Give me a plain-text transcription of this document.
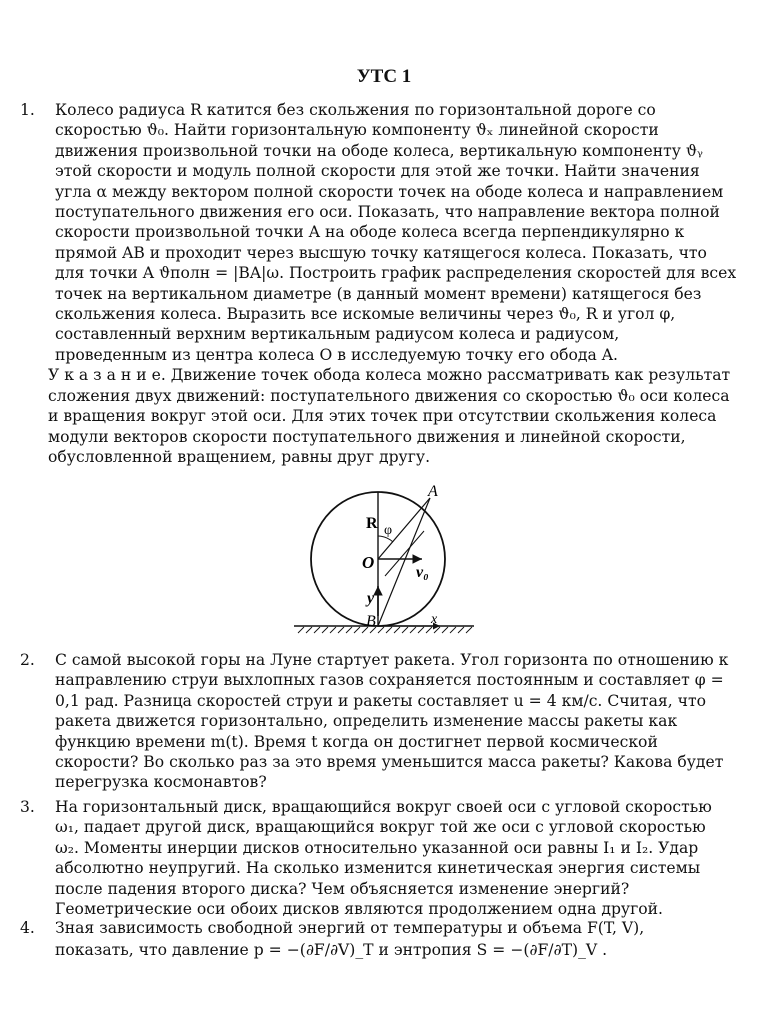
УТС 1
1.	Колесо радиуса R катится без скольжения по горизонтальной дороге со
скоростью ϑ₀. Найти горизонтальную компоненту ϑₓ линейной скорости
движения произвольной точки на ободе колеса, вертикальную компоненту ϑᵧ
этой скорости и модуль полной скорости для этой же точки. Найти значения
угла α между вектором полной скорости точек на ободе колеса и направлением
поступательного движения его оси. Показать, что направление вектора полной
скорости произвольной точки A на ободе колеса всегда перпендикулярно к
прямой AB и проходит через высшую точку катящегося колеса. Показать, что
для точки A ϑполн = |BA|ω. Построить график распределения скоростей для всех
точек на вертикальном диаметре (в данный момент времени) катящегося без
скольжения колеса. Выразить все искомые величины через ϑ₀, R и угол φ,
составленный верхним вертикальным радиусом колеса и радиусом,
проведенным из центра колеса O в исследуемую точку его обода A.
У к а з а н и е. Движение точек обода колеса можно рассматривать как результат
сложения двух движений: поступательного движения со скоростью ϑ₀ оси колеса
и вращения вокруг этой оси. Для этих точек при отсутствии скольжения колеса
модули векторов скорости поступательного движения и линейной скорости,
обусловленной вращением, равны друг другу.
R φ
O
A
B
v₀
y
x
2.	С самой высокой горы на Луне стартует ракета. Угол горизонта по отношению к
направлению струи выхлопных газов сохраняется постоянным и составляет φ =
0,1 рад. Разница скоростей струи и ракеты составляет u = 4 км/с. Считая, что
ракета движется горизонтально, определить изменение массы ракеты как
функцию времени m(t). Время t когда он достигнет первой космической
скорости? Во сколько раз за это время уменьшится масса ракеты? Какова будет
перегрузка космонавтов?
3.	На горизонтальный диск, вращающийся вокруг своей оси с угловой скоростью
ω₁, падает другой диск, вращающийся вокруг той же оси с угловой скоростью
ω₂. Моменты инерции дисков относительно указанной оси равны I₁ и I₂. Удар
абсолютно неупругий. На сколько изменится кинетическая энергия системы
после падения второго диска? Чем объясняется изменение энергий?
Геометрические оси обоих дисков являются продолжением одна другой.
4.	Зная зависимость свободной энергий от температуры и объема F(T, V),
показать, что давление p = −(∂F/∂V)_T и энтропия S = −(∂F/∂T)_V .
